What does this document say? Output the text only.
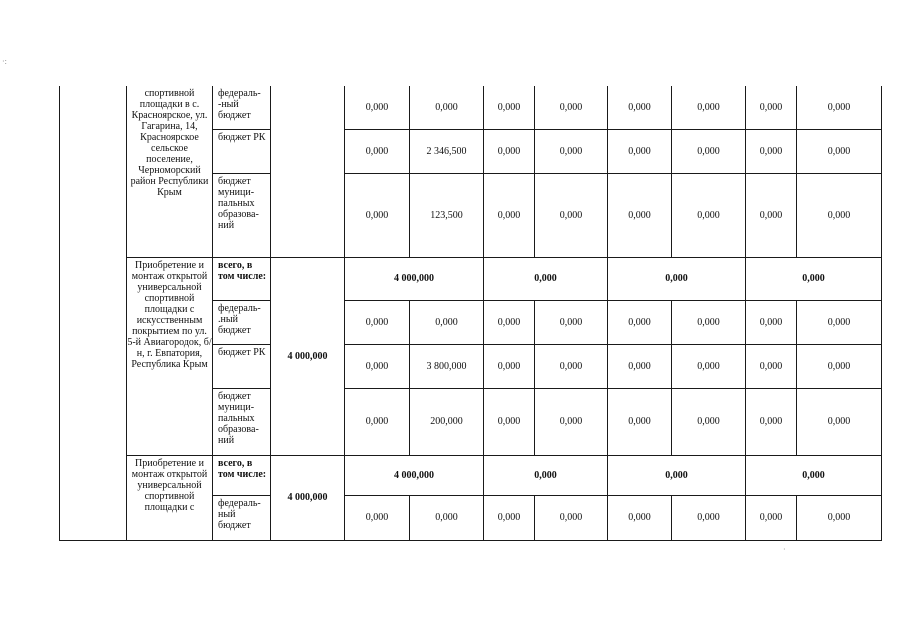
·:
·
	спортивной площадки в с. Красноярское, ул. Гагарина, 14, Красноярское сельское поселение, Черноморский район Республики Крым	федераль- -ный бюджет		0,000	0,000	0,000	0,000	0,000	0,000	0,000	0,000
		бюджет РК		0,000	2 346,500	0,000	0,000	0,000	0,000	0,000	0,000
		бюджет муници- пальных образова- ний		0,000	123,500	0,000	0,000	0,000	0,000	0,000	0,000
	Приобретение и монтаж открытой универсальной спортивной площадки с искусственным покрытием по ул. 5-й Авиагородок, б/н, г. Евпатория, Республика Крым	всего, в том числе:	4 000,000	4 000,000		0,000		0,000		0,000	
		федераль- .ный бюджет		0,000	0,000	0,000	0,000	0,000	0,000	0,000	0,000
		бюджет РК		0,000	3 800,000	0,000	0,000	0,000	0,000	0,000	0,000
		бюджет муници- пальных образова- ний		0,000	200,000	0,000	0,000	0,000	0,000	0,000	0,000
	Приобретение и монтаж открытой универсальной спортивной площадки с	всего, в том числе:	4 000,000	4 000,000		0,000		0,000		0,000	
		федераль- ный бюджет		0,000	0,000	0,000	0,000	0,000	0,000	0,000	0,000
